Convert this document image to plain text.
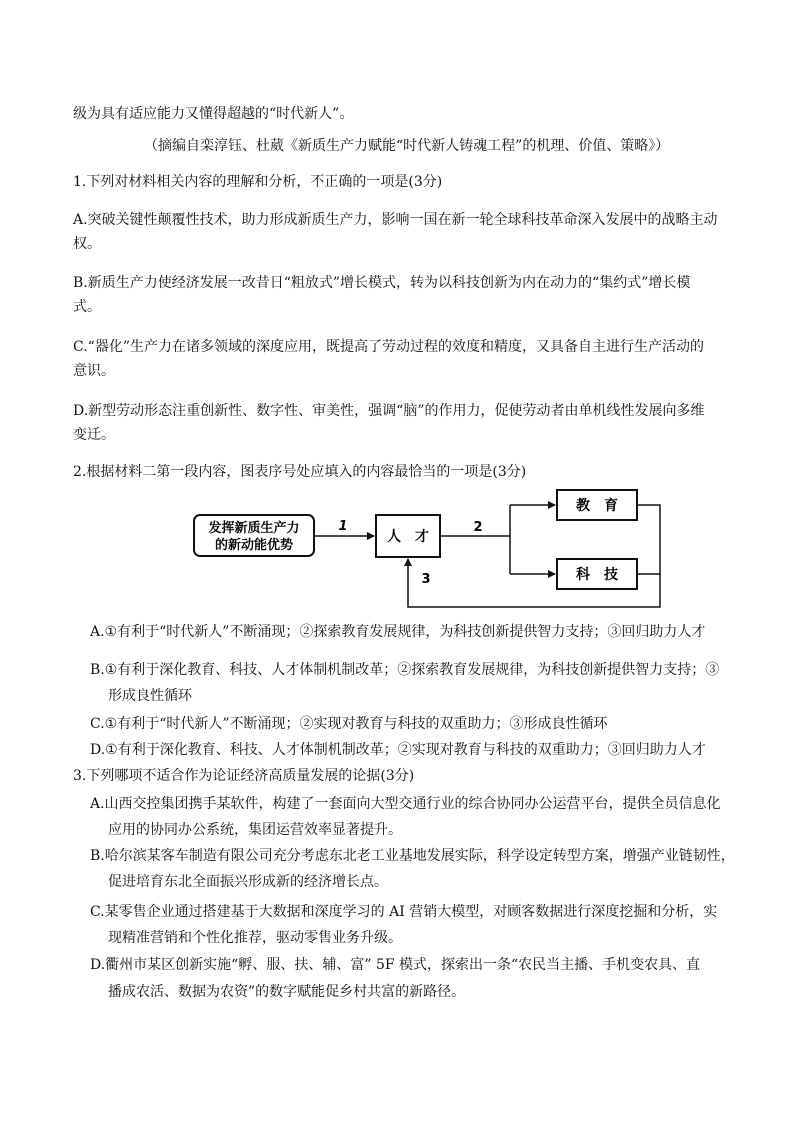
级为具有适应能力又懂得超越的“时代新人”。
（摘编自栾淳钰、杜葳《新质生产力赋能“时代新人铸魂工程”的机理、价值、策略》）
1.下列对材料相关内容的理解和分析，不正确的一项是(3分)
A.突破关键性颠覆性技术，助力形成新质生产力，影响一国在新一轮全球科技革命深入发展中的战略主动
权。
B.新质生产力使经济发展一改昔日“粗放式”增长模式，转为以科技创新为内在动力的“集约式”增长模
式。
C.“器化”生产力在诸多领域的深度应用，既提高了劳动过程的效度和精度，又具备自主进行生产活动的
意识。
D.新型劳动形态注重创新性、数字性、审美性，强调“脑”的作用力，促使劳动者由单机线性发展向多维
变迁。
2.根据材料二第一段内容，图表序号处应填入的内容最恰当的一项是(3分)
发挥新质生产力
的新动能优势
人　才
教　育
科　技
1	2
3
A.①有利于“时代新人”不断涌现；②探索教育发展规律，为科技创新提供智力支持；③回归助力人才
B.①有利于深化教育、科技、人才体制机制改革；②探索教育发展规律，为科技创新提供智力支持；③
形成良性循环
C.①有利于“时代新人”不断涌现；②实现对教育与科技的双重助力；③形成良性循环
D.①有利于深化教育、科技、人才体制机制改革；②实现对教育与科技的双重助力；③回归助力人才
3.下列哪项不适合作为论证经济高质量发展的论据(3分)
A.山西交控集团携手某软件，构建了一套面向大型交通行业的综合协同办公运营平台，提供全员信息化
应用的协同办公系统，集团运营效率显著提升。
B.哈尔滨某客车制造有限公司充分考虑东北老工业基地发展实际，科学设定转型方案，增强产业链韧性，
促进培育东北全面振兴形成新的经济增长点。
C.某零售企业通过搭建基于大数据和深度学习的 AI 营销大模型，对顾客数据进行深度挖掘和分析，实
现精准营销和个性化推荐，驱动零售业务升级。
D.衢州市某区创新实施“孵、服、扶、辅、富” 5F 模式，探索出一条“农民当主播、手机变农具、直
播成农活、数据为农资”的数字赋能促乡村共富的新路径。
